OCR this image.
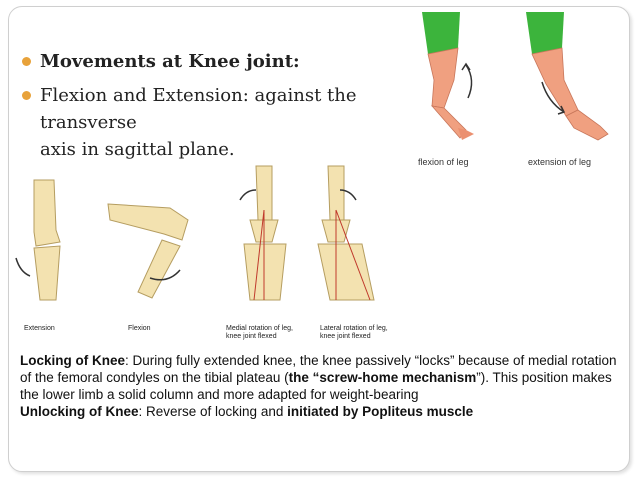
Movements at Knee joint:
Flexion and Extension: against the transverse
axis in sagittal plane.
flexion of leg	extension of leg
Extension	Flexion	Medial rotation of leg,
knee joint flexed
Lateral rotation of leg,
knee joint flexed
Locking of Knee: During fully extended knee, the knee passively “locks” because of medial rotation of the femoral condyles on the tibial plateau (the “screw-home mechanism”). This position makes the lower limb a solid column and more adapted for weight-bearing
Unlocking of Knee: Reverse of locking and initiated by Popliteus muscle
